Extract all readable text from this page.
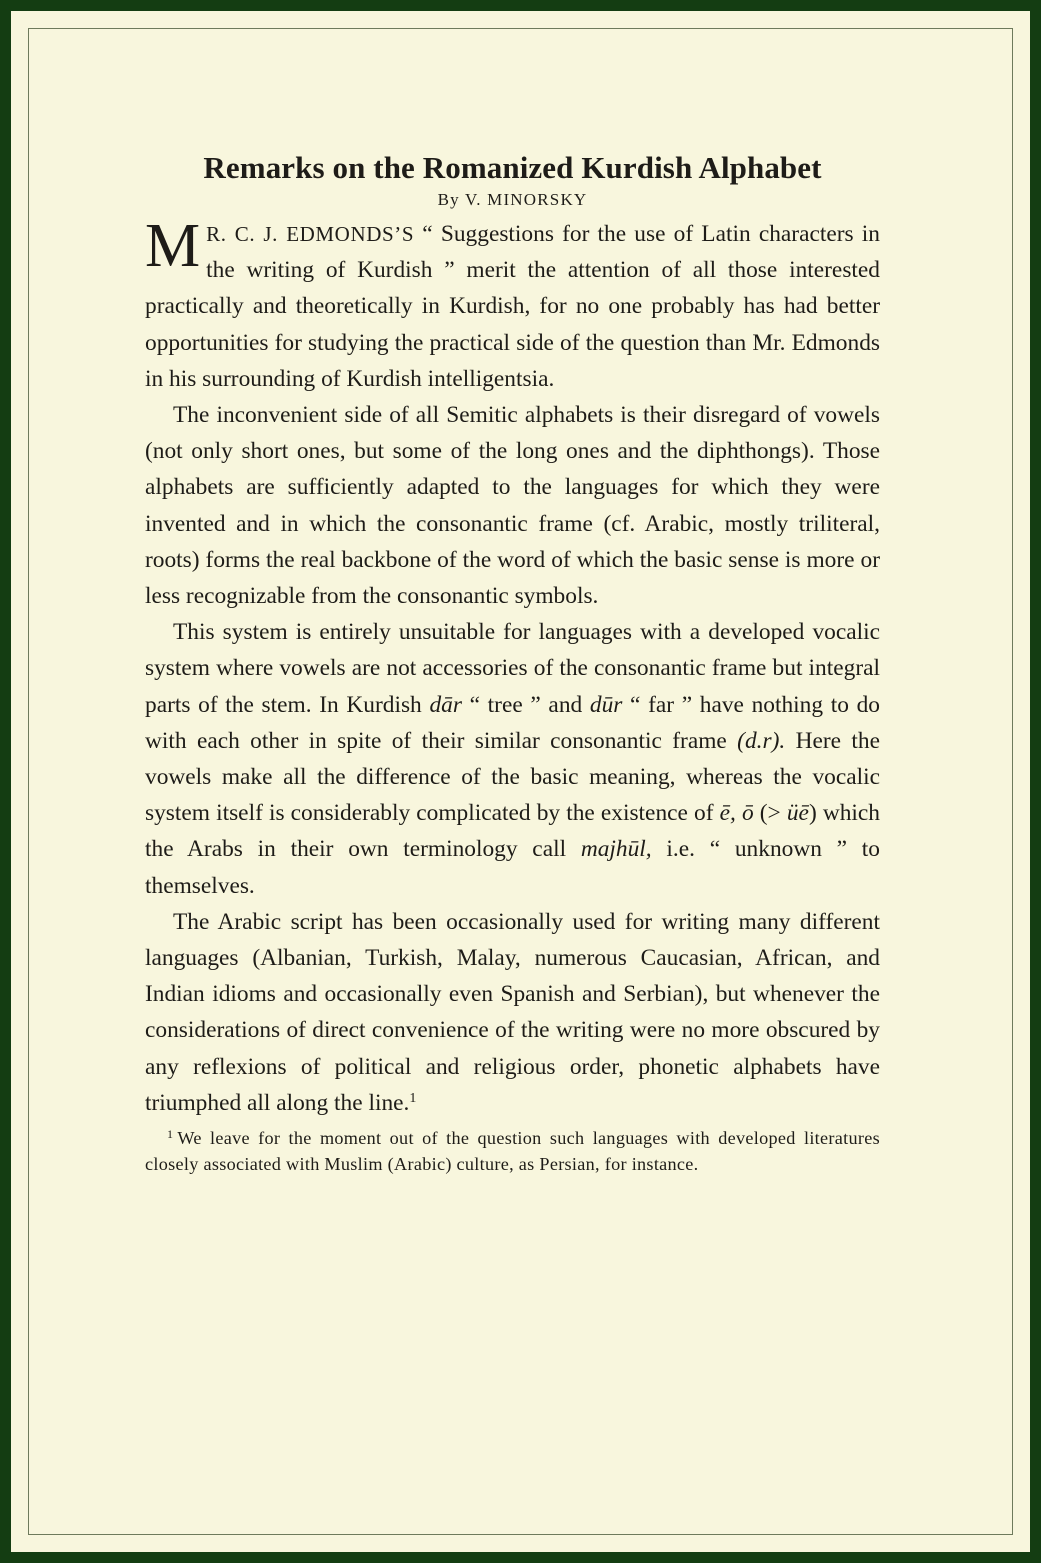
Remarks on the Romanized Kurdish Alphabet
By V. MINORSKY

M R. C. J. EDMONDS’S “ Suggestions for the use of Latin characters in the writing of Kurdish ” merit the attention of all those interested practically and theoretically in Kurdish, for no one probably has had better opportunities for studying the practical side of the question than Mr. Edmonds in his surrounding of Kurdish intelligentsia.

The inconvenient side of all Semitic alphabets is their disregard of vowels (not only short ones, but some of the long ones and the diphthongs). Those alphabets are sufficiently adapted to the languages for which they were invented and in which the consonantic frame (cf. Arabic, mostly triliteral, roots) forms the real backbone of the word of which the basic sense is more or less recognizable from the consonantic symbols.

This system is entirely unsuitable for languages with a developed vocalic system where vowels are not accessories of the consonantic frame but integral parts of the stem. In Kurdish dār “ tree ” and dūr “ far ” have nothing to do with each other in spite of their similar consonantic frame (d.r). Here the vowels make all the difference of the basic meaning, whereas the vocalic system itself is considerably complicated by the existence of ē, ō (> üē) which the Arabs in their own terminology call majhūl, i.e. “ unknown ” to themselves.

The Arabic script has been occasionally used for writing many different languages (Albanian, Turkish, Malay, numerous Caucasian, African, and Indian idioms and occasionally even Spanish and Serbian), but whenever the considerations of direct convenience of the writing were no more obscured by any reflexions of political and religious order, phonetic alphabets have triumphed all along the line.$^1$

$^1$ We leave for the moment out of the question such languages with developed literatures closely associated with Muslim (Arabic) culture, as Persian, for instance.
